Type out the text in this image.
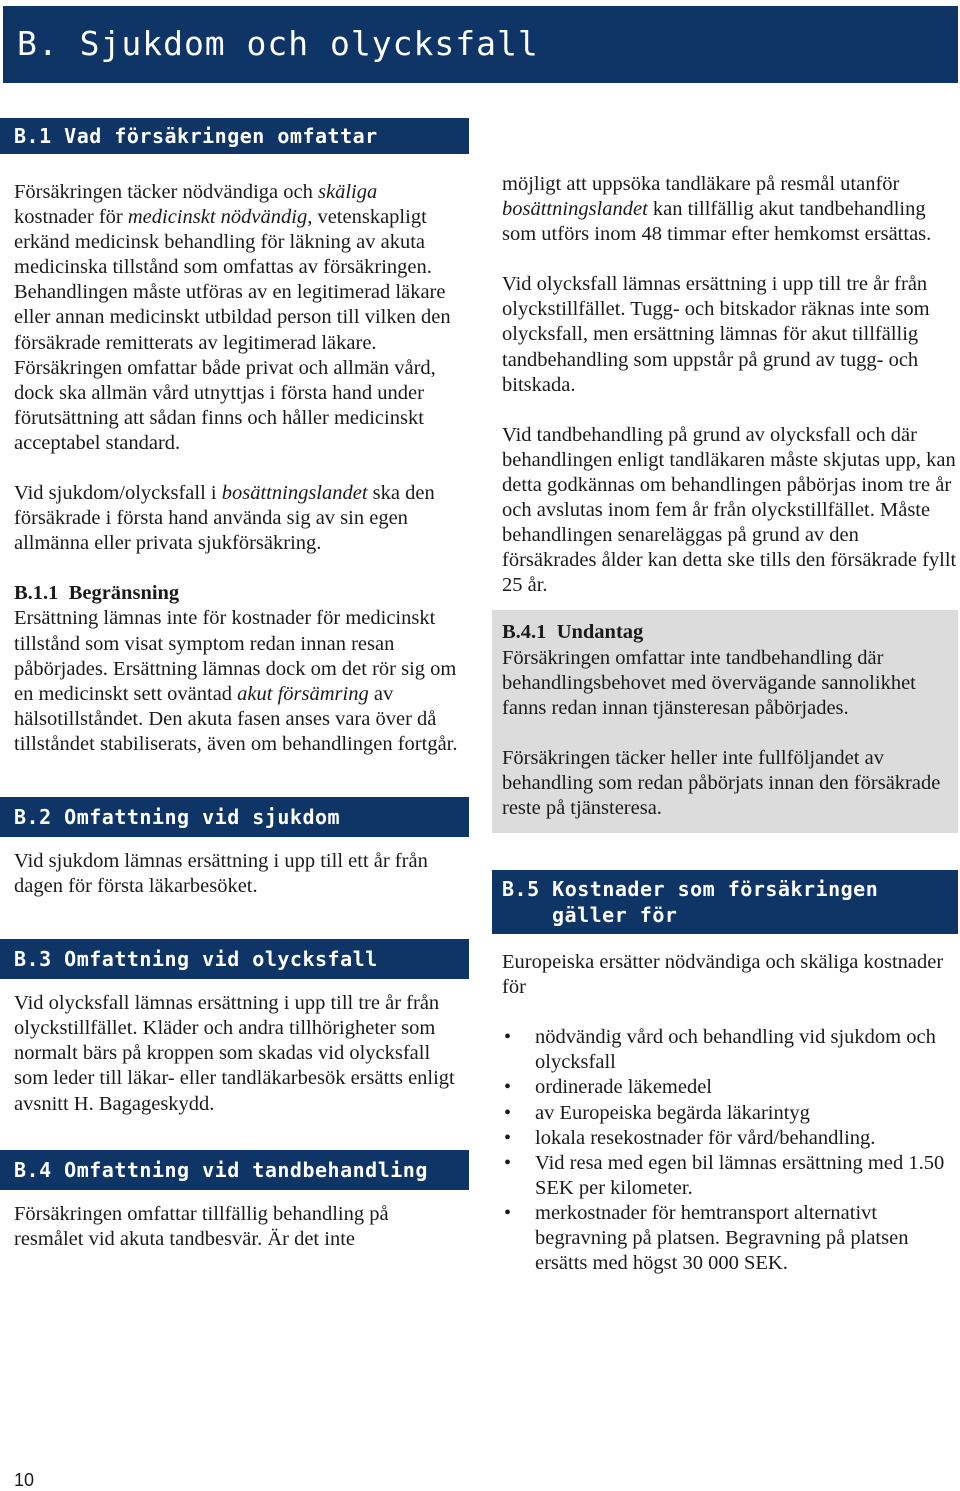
B. Sjukdom och olycksfall
B.1 Vad försäkringen omfattar

Försäkringen täcker nödvändiga och skäliga kostnader för medicinskt nödvändig, vetenskapligt erkänd medicinsk behandling för läkning av akuta medicinska tillstånd som omfattas av försäkringen. Behandlingen måste utföras av en legitimerad läkare eller annan medicinskt utbildad person till vilken den försäkrade remitterats av legitimerad läkare. Försäkringen omfattar både privat och allmän vård, dock ska allmän vård utnyttjas i första hand under förutsättning att sådan finns och håller medicinskt acceptabel standard.

Vid sjukdom/olycksfall i bosättningslandet ska den försäkrade i första hand använda sig av sin egen allmänna eller privata sjukförsäkring.

B.1.1 Begränsning
Ersättning lämnas inte för kostnader för medicinskt tillstånd som visat symptom redan innan resan påbörjades. Ersättning lämnas dock om det rör sig om en medicinskt sett oväntad akut försämring av hälsotillståndet. Den akuta fasen anses vara över då tillståndet stabiliserats, även om behandlingen fortgår.

B.2 Omfattning vid sjukdom

Vid sjukdom lämnas ersättning i upp till ett år från dagen för första läkarbesöket.

B.3 Omfattning vid olycksfall

Vid olycksfall lämnas ersättning i upp till tre år från olyckstillfället. Kläder och andra tillhörigheter som normalt bärs på kroppen som skadas vid olycksfall som leder till läkar- eller tandläkarbesök ersätts enligt avsnitt H. Bagageskydd.

B.4 Omfattning vid tandbehandling

Försäkringen omfattar tillfällig behandling på resmålet vid akuta tandbesvär. Är det inte

möjligt att uppsöka tandläkare på resmål utanför bosättningslandet kan tillfällig akut tandbehandling som utförs inom 48 timmar efter hemkomst ersättas.

Vid olycksfall lämnas ersättning i upp till tre år från olyckstillfället. Tugg- och bitskador räknas inte som olycksfall, men ersättning lämnas för akut tillfällig tandbehandling som uppstår på grund av tugg- och bitskada.

Vid tandbehandling på grund av olycksfall och där behandlingen enligt tandläkaren måste skjutas upp, kan detta godkännas om behandlingen påbörjas inom tre år och avslutas inom fem år från olyckstillfället. Måste behandlingen senareläggas på grund av den försäkrades ålder kan detta ske tills den försäkrade fyllt 25 år.

B.4.1 Undantag
Försäkringen omfattar inte tandbehandling där behandlingsbehovet med övervägande sannolikhet fanns redan innan tjänsteresan påbörjades.

Försäkringen täcker heller inte fullföljandet av behandling som redan påbörjats innan den försäkrade reste på tjänsteresa.

B.5 Kostnader som försäkringen
gäller för

Europeiska ersätter nödvändiga och skäliga kostnader för

• nödvändig vård och behandling vid sjukdom och olycksfall
• ordinerade läkemedel
• av Europeiska begärda läkarintyg
• lokala resekostnader för vård/behandling.
• Vid resa med egen bil lämnas ersättning med 1.50 SEK per kilometer.
• merkostnader för hemtransport alternativt begravning på platsen. Begravning på platsen ersätts med högst 30 000 SEK.
10
